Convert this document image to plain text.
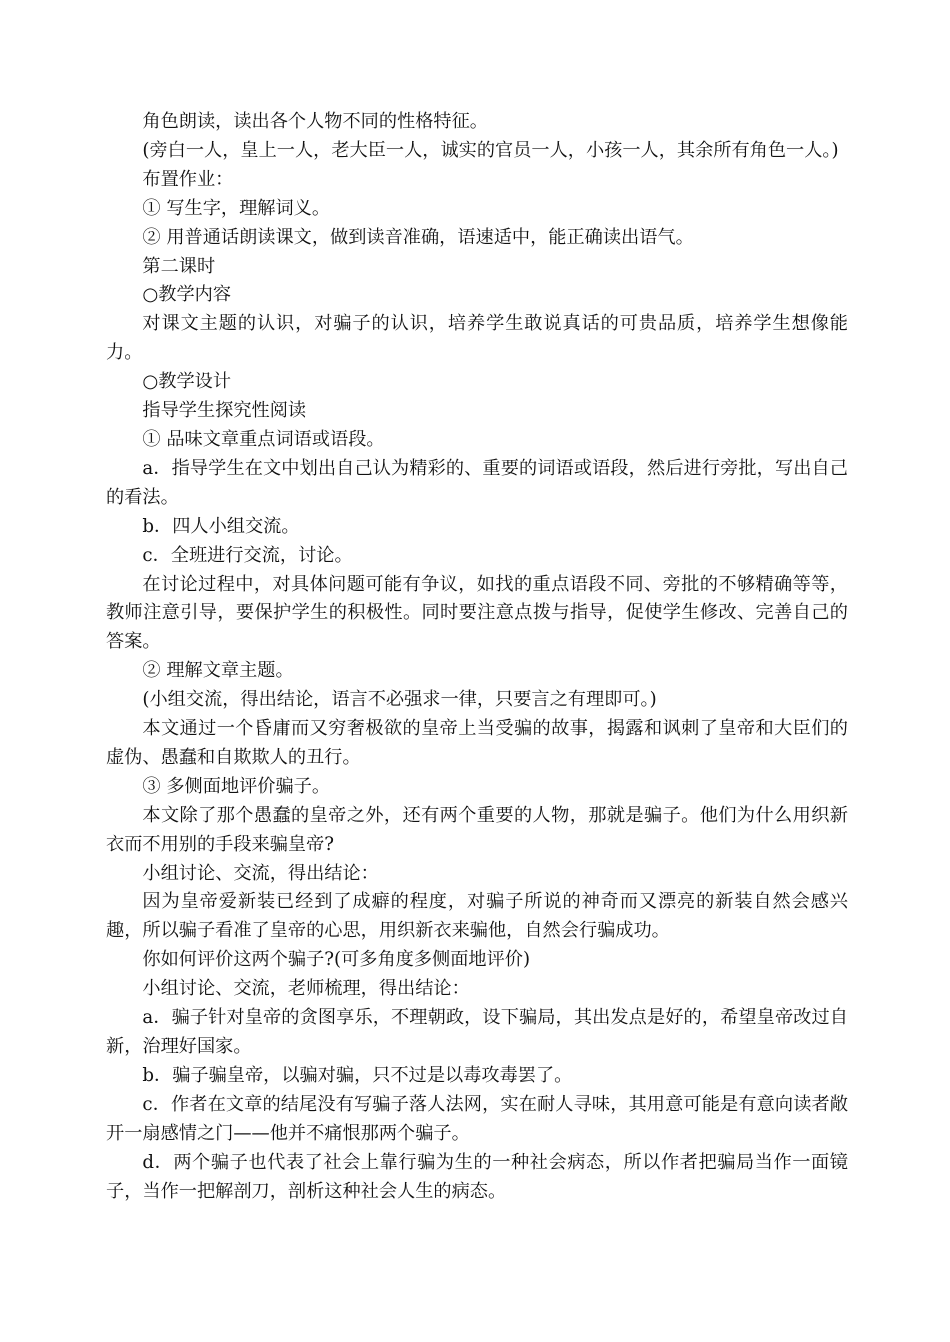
角色朗读，读出各个人物不同的性格特征。

(旁白一人，皇上一人，老大臣一人，诚实的官员一人，小孩一人，其余所有角色一人。)

布置作业：

① 写生字，理解词义。

② 用普通话朗读课文，做到读音准确，语速适中，能正确读出语气。

第二课时

○教学内容

对课文主题的认识，对骗子的认识，培养学生敢说真话的可贵品质，培养学生想像能力。

○教学设计

指导学生探究性阅读

① 品味文章重点词语或语段。

a．指导学生在文中划出自己认为精彩的、重要的词语或语段，然后进行旁批，写出自己的看法。

b．四人小组交流。

c．全班进行交流，讨论。

在讨论过程中，对具体问题可能有争议，如找的重点语段不同、旁批的不够精确等等，教师注意引导，要保护学生的积极性。同时要注意点拨与指导，促使学生修改、完善自己的答案。

② 理解文章主题。

(小组交流，得出结论，语言不必强求一律，只要言之有理即可。)

本文通过一个昏庸而又穷奢极欲的皇帝上当受骗的故事，揭露和讽刺了皇帝和大臣们的虚伪、愚蠢和自欺欺人的丑行。

③ 多侧面地评价骗子。

本文除了那个愚蠢的皇帝之外，还有两个重要的人物，那就是骗子。他们为什么用织新衣而不用别的手段来骗皇帝?

小组讨论、交流，得出结论：

因为皇帝爱新装已经到了成癖的程度，对骗子所说的神奇而又漂亮的新装自然会感兴趣，所以骗子看准了皇帝的心思，用织新衣来骗他，自然会行骗成功。

你如何评价这两个骗子?(可多角度多侧面地评价)

小组讨论、交流，老师梳理，得出结论：

a．骗子针对皇帝的贪图享乐，不理朝政，设下骗局，其出发点是好的，希望皇帝改过自新，治理好国家。

b．骗子骗皇帝，以骗对骗，只不过是以毒攻毒罢了。

c．作者在文章的结尾没有写骗子落人法网，实在耐人寻味，其用意可能是有意向读者敞开一扇感情之门——他并不痛恨那两个骗子。

d．两个骗子也代表了社会上靠行骗为生的一种社会病态，所以作者把骗局当作一面镜子，当作一把解剖刀，剖析这种社会人生的病态。
